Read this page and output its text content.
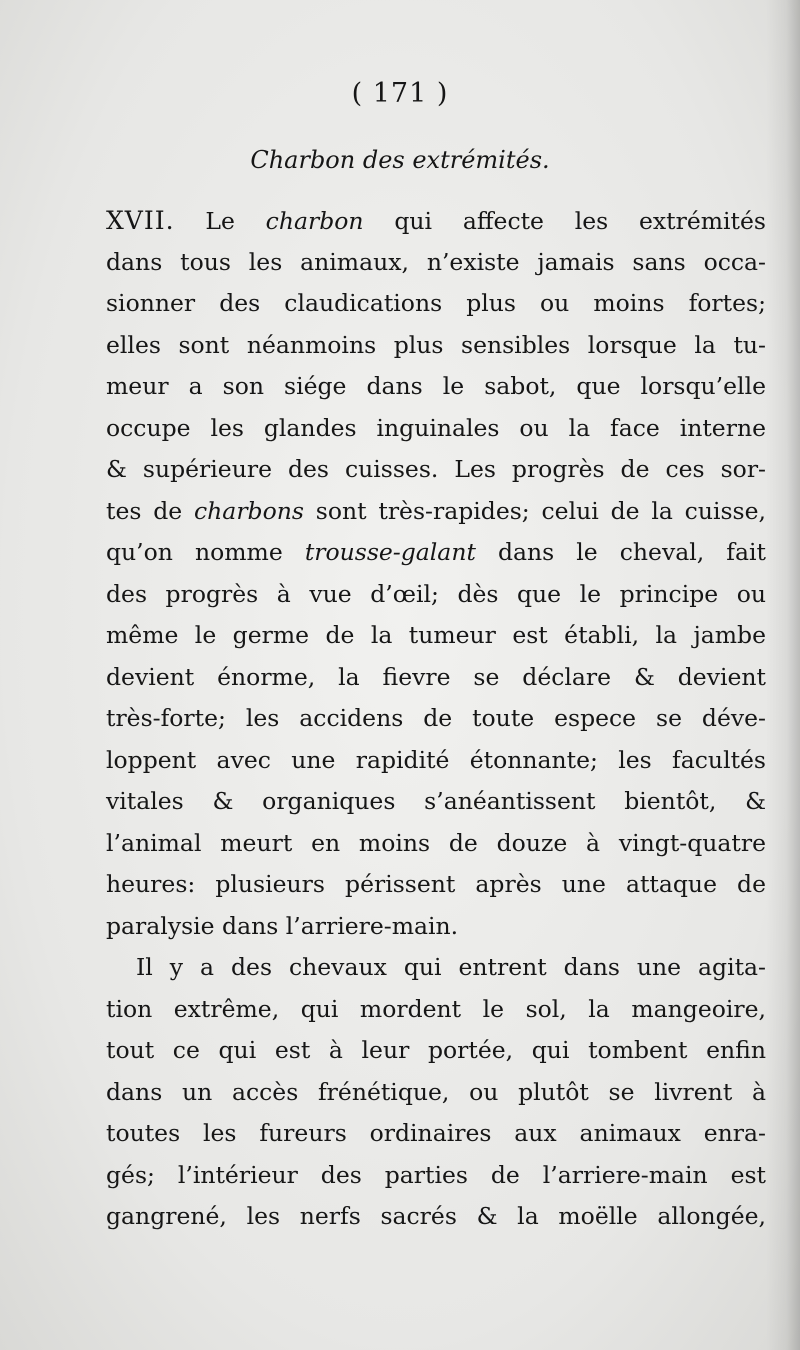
( 171 )
Charbon des extrémités.
XVII. Le charbon qui affecte les extrémités
dans tous les animaux, n’existe jamais sans occa-
sionner des claudications plus ou moins fortes;
elles sont néanmoins plus sensibles lorsque la tu-
meur a son siége dans le sabot, que lorsqu’elle
occupe les glandes inguinales ou la face interne
& supérieure des cuisses. Les progrès de ces sor-
tes de charbons sont très-rapides; celui de la cuisse,
qu’on nomme trousse-galant dans le cheval, fait
des progrès à vue d’œil; dès que le principe ou
même le germe de la tumeur est établi, la jambe
devient énorme, la fievre se déclare & devient
très-forte; les accidens de toute espece se déve-
loppent avec une rapidité étonnante; les facultés
vitales & organiques s’anéantissent bientôt, &
l’animal meurt en moins de douze à vingt-quatre
heures: plusieurs périssent après une attaque de
paralysie dans l’arriere-main.
Il y a des chevaux qui entrent dans une agita-
tion extrême, qui mordent le sol, la mangeoire,
tout ce qui est à leur portée, qui tombent enfin
dans un accès frénétique, ou plutôt se livrent à
toutes les fureurs ordinaires aux animaux enra-
gés; l’intérieur des parties de l’arriere-main est
gangrené, les nerfs sacrés & la moëlle allongée,
